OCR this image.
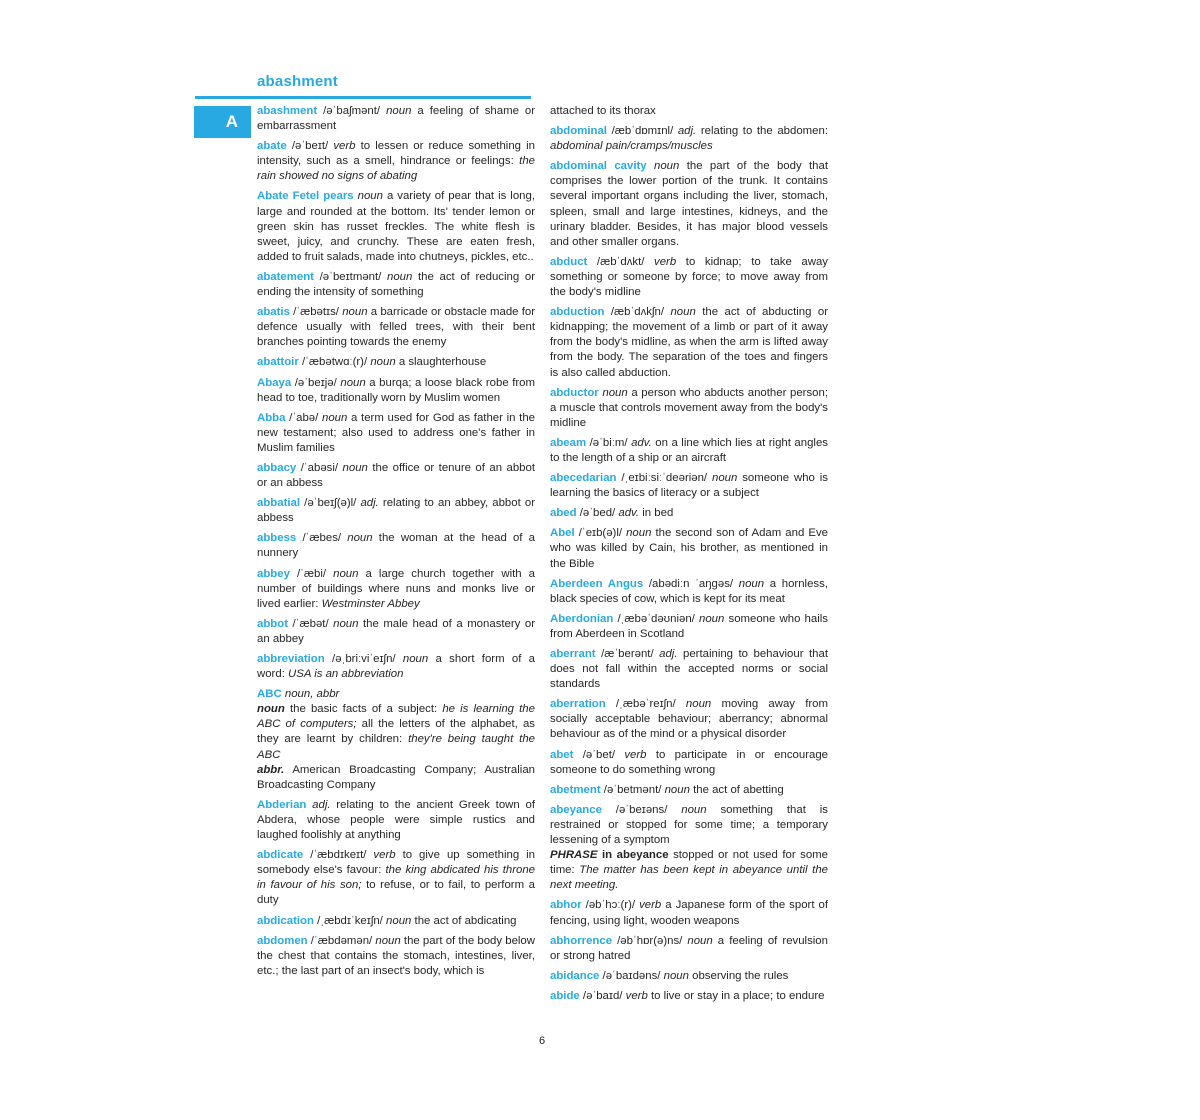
abashment
A

abashment /əˈbaʃmənt/ noun a feeling of shame or embarrassment

abate /əˈbeɪt/ verb to lessen or reduce something in intensity, such as a smell, hindrance or feelings: the rain showed no signs of abating

Abate Fetel pears noun a variety of pear that is long, large and rounded at the bottom. Its' tender lemon or green skin has russet freckles. The white flesh is sweet, juicy, and crunchy. These are eaten fresh, added to fruit salads, made into chutneys, pickles, etc..

abatement /əˈbeɪtmənt/ noun the act of reducing or ending the intensity of something

abatis /ˈæbətɪs/ noun a barricade or obstacle made for defence usually with felled trees, with their bent branches pointing towards the enemy

abattoir /ˈæbətwɑː(r)/ noun a slaughterhouse

Abaya /əˈbeɪjə/ noun a burqa; a loose black robe from head to toe, traditionally worn by Muslim women

Abba /ˈabə/ noun a term used for God as father in the new testament; also used to address one's father in Muslim families

abbacy /ˈabəsi/ noun the office or tenure of an abbot or an abbess

abbatial /əˈbeɪʃ(ə)l/ adj. relating to an abbey, abbot or abbess

abbess /ˈæbes/ noun the woman at the head of a nunnery

abbey /ˈæbi/ noun a large church together with a number of buildings where nuns and monks live or lived earlier: Westminster Abbey

abbot /ˈæbət/ noun the male head of a monastery or an abbey

abbreviation /əˌbriːviˈeɪʃn/ noun a short form of a word: USA is an abbreviation

ABC noun, abbr
noun the basic facts of a subject: he is learning the ABC of computers; all the letters of the alphabet, as they are learnt by children: they're being taught the ABC
abbr. American Broadcasting Company; Australian Broadcasting Company

Abderian adj. relating to the ancient Greek town of Abdera, whose people were simple rustics and laughed foolishly at anything

abdicate /ˈæbdɪkeɪt/ verb to give up something in somebody else's favour: the king abdicated his throne in favour of his son; to refuse, or to fail, to perform a duty

abdication /ˌæbdɪˈkeɪʃn/ noun the act of abdicating

abdomen /ˈæbdəmən/ noun the part of the body below the chest that contains the stomach, intestines, liver, etc.; the last part of an insect's body, which is

attached to its thorax

abdominal /æbˈdɒmɪnl/ adj. relating to the abdomen: abdominal pain/cramps/muscles

abdominal cavity noun the part of the body that comprises the lower portion of the trunk. It contains several important organs including the liver, stomach, spleen, small and large intestines, kidneys, and the urinary bladder. Besides, it has major blood vessels and other smaller organs.

abduct /æbˈdʌkt/ verb to kidnap; to take away something or someone by force; to move away from the body's midline

abduction /æbˈdʌkʃn/ noun the act of abducting or kidnapping; the movement of a limb or part of it away from the body's midline, as when the arm is lifted away from the body. The separation of the toes and fingers is also called abduction.

abductor noun a person who abducts another person; a muscle that controls movement away from the body's midline

abeam /əˈbiːm/ adv. on a line which lies at right angles to the length of a ship or an aircraft

abecedarian /ˌeɪbiːsiːˈdeəriən/ noun someone who is learning the basics of literacy or a subject

abed /əˈbed/ adv. in bed

Abel /ˈeɪb(ə)l/ noun the second son of Adam and Eve who was killed by Cain, his brother, as mentioned in the Bible

Aberdeen Angus /abədiːn ˈaŋgəs/ noun a hornless, black species of cow, which is kept for its meat

Aberdonian /ˌæbəˈdəʊniən/ noun someone who hails from Aberdeen in Scotland

aberrant /æˈberənt/ adj. pertaining to behaviour that does not fall within the accepted norms or social standards

aberration /ˌæbəˈreɪʃn/ noun moving away from socially acceptable behaviour; aberrancy; abnormal behaviour as of the mind or a physical disorder

abet /əˈbet/ verb to participate in or encourage someone to do something wrong

abetment /əˈbetmənt/ noun the act of abetting

abeyance /əˈbeɪəns/ noun something that is restrained or stopped for some time; a temporary lessening of a symptom
PHRASE in abeyance stopped or not used for some time: The matter has been kept in abeyance until the next meeting.

abhor /əbˈhɔː(r)/ verb a Japanese form of the sport of fencing, using light, wooden weapons

abhorrence /əbˈhɒr(ə)ns/ noun a feeling of revulsion or strong hatred

abidance /əˈbaɪdəns/ noun observing the rules

abide /əˈbaɪd/ verb to live or stay in a place; to endure

6
